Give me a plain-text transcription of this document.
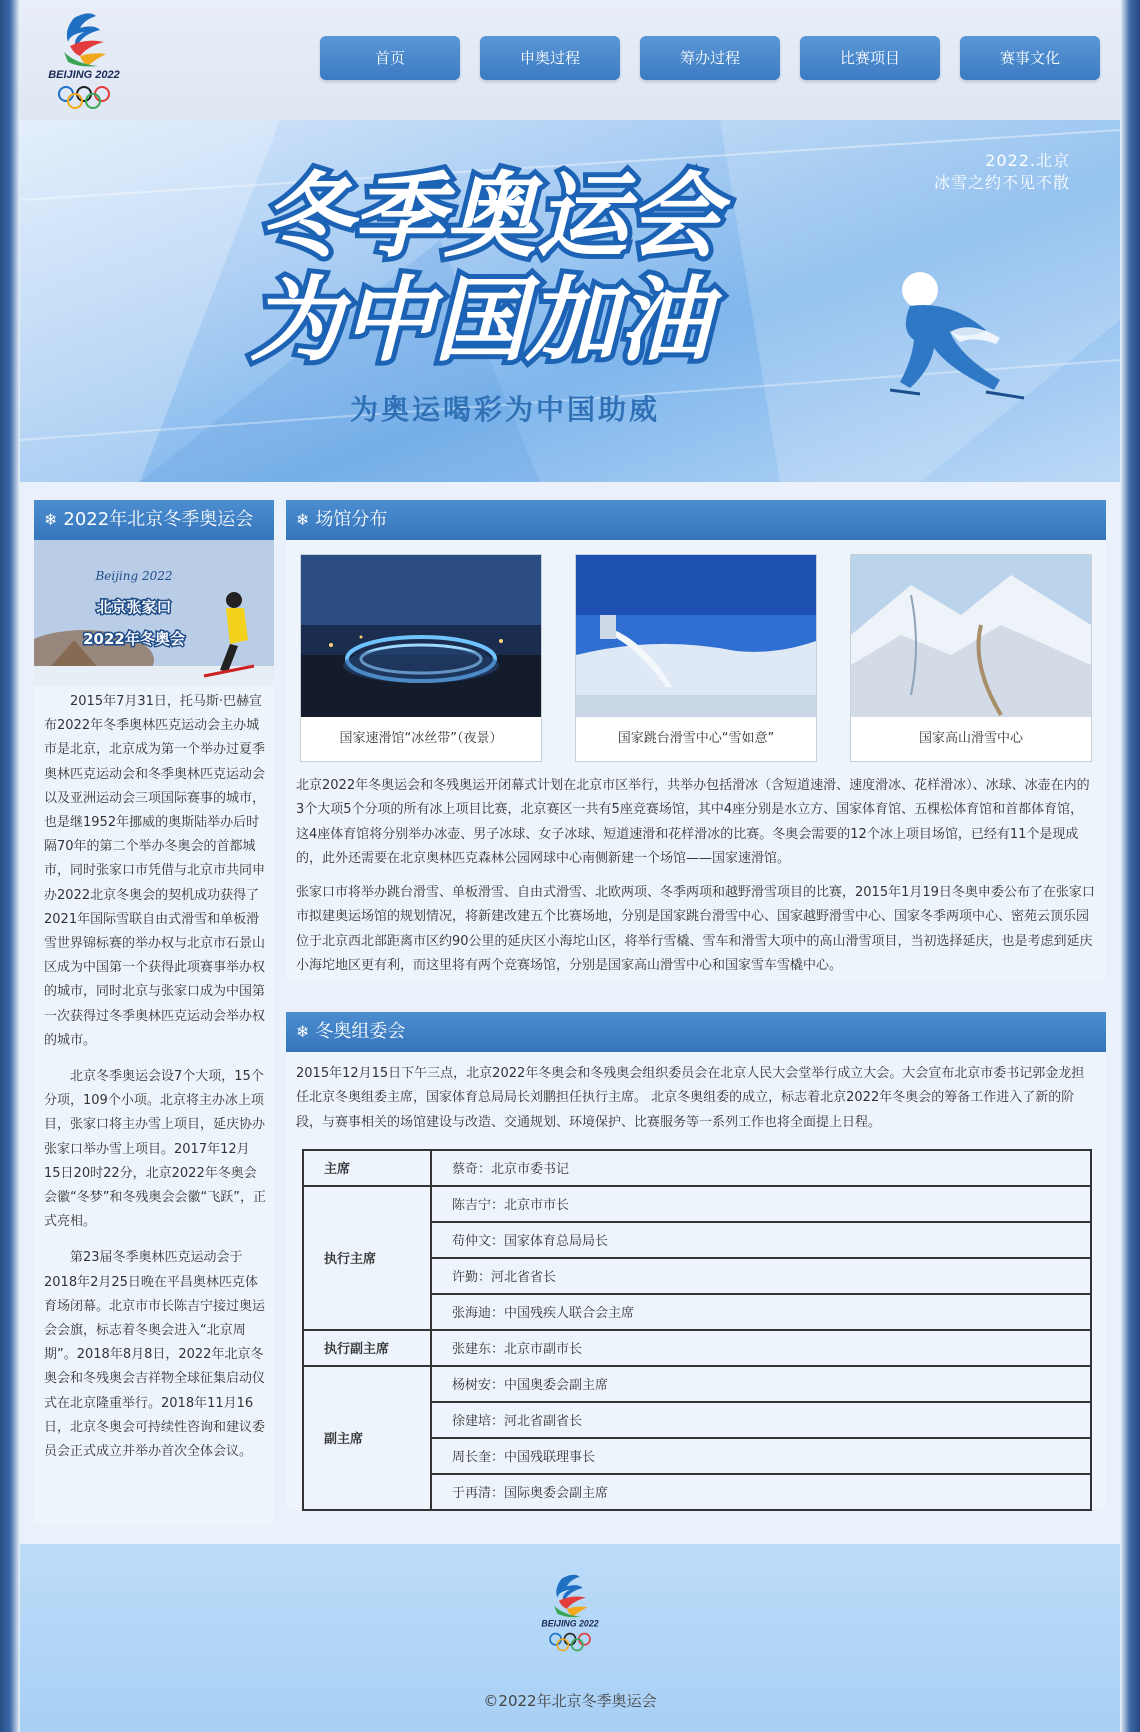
BEIJING 2022
首页	申奥过程	筹办过程	比赛项目	赛事文化
冬季奥运会
为中国加油
2022.北京
冰雪之约不见不散
为奥运喝彩为中国助威
❄ 2022年北京冬季奥运会
Beijing 2022
北京张家口
2022年冬奥会

2015年7月31日，托马斯·巴赫宣布2022年冬季奥林匹克运动会主办城市是北京，北京成为第一个举办过夏季奥林匹克运动会和冬季奥林匹克运动会以及亚洲运动会三项国际赛事的城市，也是继1952年挪威的奥斯陆举办后时隔70年的第二个举办冬奥会的首都城市，同时张家口市凭借与北京市共同申办2022北京冬奥会的契机成功获得了2021年国际雪联自由式滑雪和单板滑雪世界锦标赛的举办权与北京市石景山区成为中国第一个获得此项赛事举办权的城市，同时北京与张家口成为中国第一次获得过冬季奥林匹克运动会举办权的城市。

北京冬季奥运会设7个大项，15个分项，109个小项。北京将主办冰上项目，张家口将主办雪上项目，延庆协办张家口举办雪上项目。2017年12月15日20时22分，北京2022年冬奥会会徽“冬梦”和冬残奥会会徽“飞跃”，正式亮相。

第23届冬季奥林匹克运动会于2018年2月25日晚在平昌奥林匹克体育场闭幕。北京市市长陈吉宁接过奥运会会旗，标志着冬奥会进入“北京周期”。2018年8月8日，2022年北京冬奥会和冬残奥会吉祥物全球征集启动仪式在北京隆重举行。2018年11月16日，北京冬奥会可持续性咨询和建议委员会正式成立并举办首次全体会议。

❄ 场馆分布
国家速滑馆“冰丝带”（夜景）	国家跳台滑雪中心“雪如意”	国家高山滑雪中心
北京2022年冬奥运会和冬残奥运开闭幕式计划在北京市区举行，共举办包括滑冰（含短道速滑、速度滑冰、花样滑冰）、冰球、冰壶在内的3个大项5个分项的所有冰上项目比赛，北京赛区一共有5座竞赛场馆，其中4座分别是水立方、国家体育馆、五棵松体育馆和首都体育馆，这4座体育馆将分别举办冰壶、男子冰球、女子冰球、短道速滑和花样滑冰的比赛。冬奥会需要的12个冰上项目场馆，已经有11个是现成的，此外还需要在北京奥林匹克森林公园网球中心南侧新建一个场馆——国家速滑馆。
张家口市将举办跳台滑雪、单板滑雪、自由式滑雪、北欧两项、冬季两项和越野滑雪项目的比赛，2015年1月19日冬奥申委公布了在张家口市拟建奥运场馆的规划情况，将新建改建五个比赛场地，分别是国家跳台滑雪中心、国家越野滑雪中心、国家冬季两项中心、密苑云顶乐园 位于北京西北部距离市区约90公里的延庆区小海坨山区，将举行雪橇、雪车和滑雪大项中的高山滑雪项目，当初选择延庆，也是考虑到延庆小海坨地区更有利，而这里将有两个竞赛场馆，分别是国家高山滑雪中心和国家雪车雪橇中心。
❄ 冬奥组委会
2015年12月15日下午三点，北京2022年冬奥会和冬残奥会组织委员会在北京人民大会堂举行成立大会。大会宣布北京市委书记郭金龙担任北京冬奥组委主席，国家体育总局局长刘鹏担任执行主席。 北京冬奥组委的成立，标志着北京2022年冬奥会的筹备工作进入了新的阶段，与赛事相关的场馆建设与改造、交通规划、环境保护、比赛服务等一系列工作也将全面提上日程。
主席	蔡奇：北京市委书记
执行主席	陈吉宁：北京市市长
	苟仲文：国家体育总局局长
	许勤：河北省省长
	张海迪：中国残疾人联合会主席
执行副主席	张建东：北京市副市长
副主席	杨树安：中国奥委会副主席
	徐建培：河北省副省长
	周长奎：中国残联理事长
	于再清：国际奥委会副主席
BEIJING 2022
©2022年北京冬季奥运会
